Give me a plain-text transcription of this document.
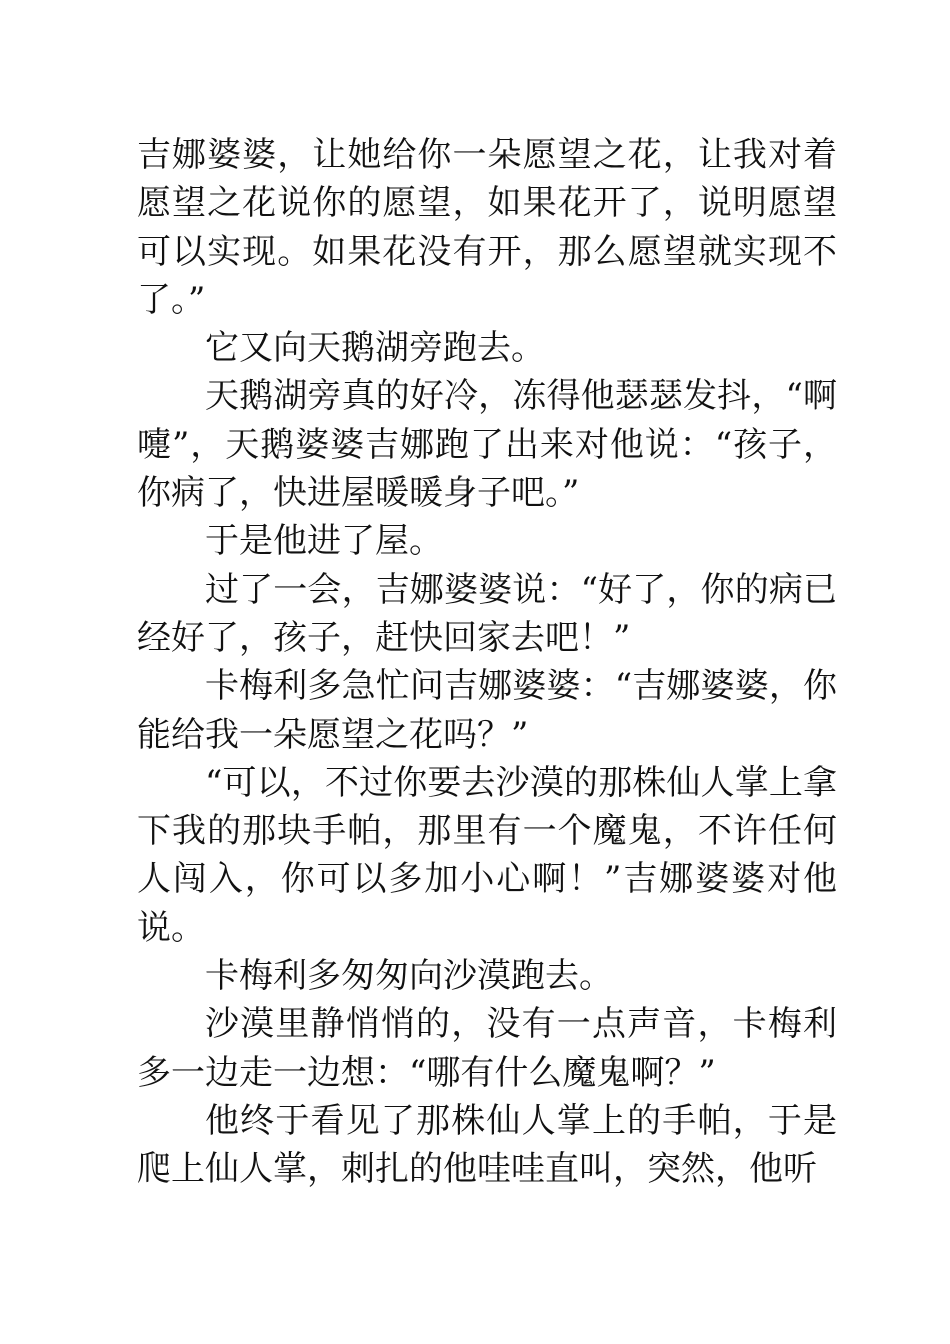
吉娜婆婆，让她给你一朵愿望之花，让我对着愿望之花说你的愿望，如果花开了，说明愿望可以实现。如果花没有开，那么愿望就实现不了。”

它又向天鹅湖旁跑去。

天鹅湖旁真的好冷，冻得他瑟瑟发抖，“啊嚏”，天鹅婆婆吉娜跑了出来对他说：“孩子，你病了，快进屋暖暖身子吧。”

于是他进了屋。

过了一会，吉娜婆婆说：“好了，你的病已经好了，孩子，赶快回家去吧！”

卡梅利多急忙问吉娜婆婆：“吉娜婆婆，你能给我一朵愿望之花吗？”

“可以，不过你要去沙漠的那株仙人掌上拿下我的那块手帕，那里有一个魔鬼，不许任何人闯入，你可以多加小心啊！”吉娜婆婆对他说。

卡梅利多匆匆向沙漠跑去。

沙漠里静悄悄的，没有一点声音，卡梅利多一边走一边想：“哪有什么魔鬼啊？”

他终于看见了那株仙人掌上的手帕，于是爬上仙人掌，刺扎的他哇哇直叫，突然，他听
